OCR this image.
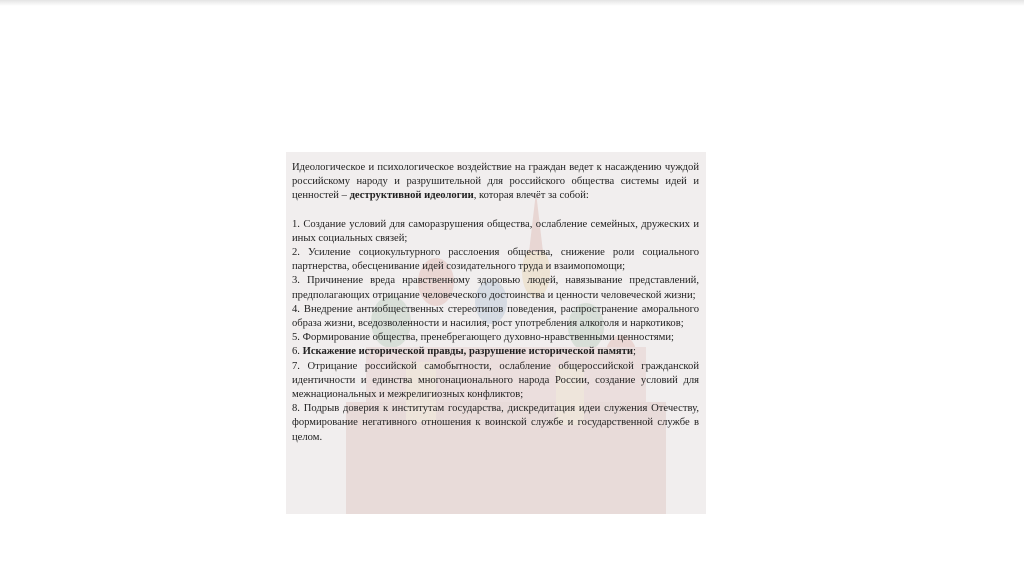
Идеологическое и психологическое воздействие на граждан ведет к насаждению чуждой российскому народу и разрушительной для российского общества системы идей и ценностей – деструктивной идеологии, которая влечёт за собой:

1. Создание условий для саморазрушения общества, ослабление семейных, дружеских и иных социальных связей;

2. Усиление социокультурного расслоения общества, снижение роли социального партнерства, обесценивание идей созидательного труда и взаимопомощи;

3. Причинение вреда нравственному здоровью людей, навязывание представлений, предполагающих отрицание человеческого достоинства и ценности человеческой жизни;

4. Внедрение антиобщественных стереотипов поведения, распространение аморального образа жизни, вседозволенности и насилия, рост употребления алкоголя и наркотиков;

5. Формирование общества, пренебрегающего духовно-нравственными ценностями;

6. Искажение исторической правды, разрушение исторической памяти;

7. Отрицание российской самобытности, ослабление общероссийской гражданской идентичности и единства многонационального народа России, создание условий для межнациональных и межрелигиозных конфликтов;

8. Подрыв доверия к институтам государства, дискредитация идеи служения Отечеству, формирование негативного отношения к воинской службе и государственной службе в целом.
